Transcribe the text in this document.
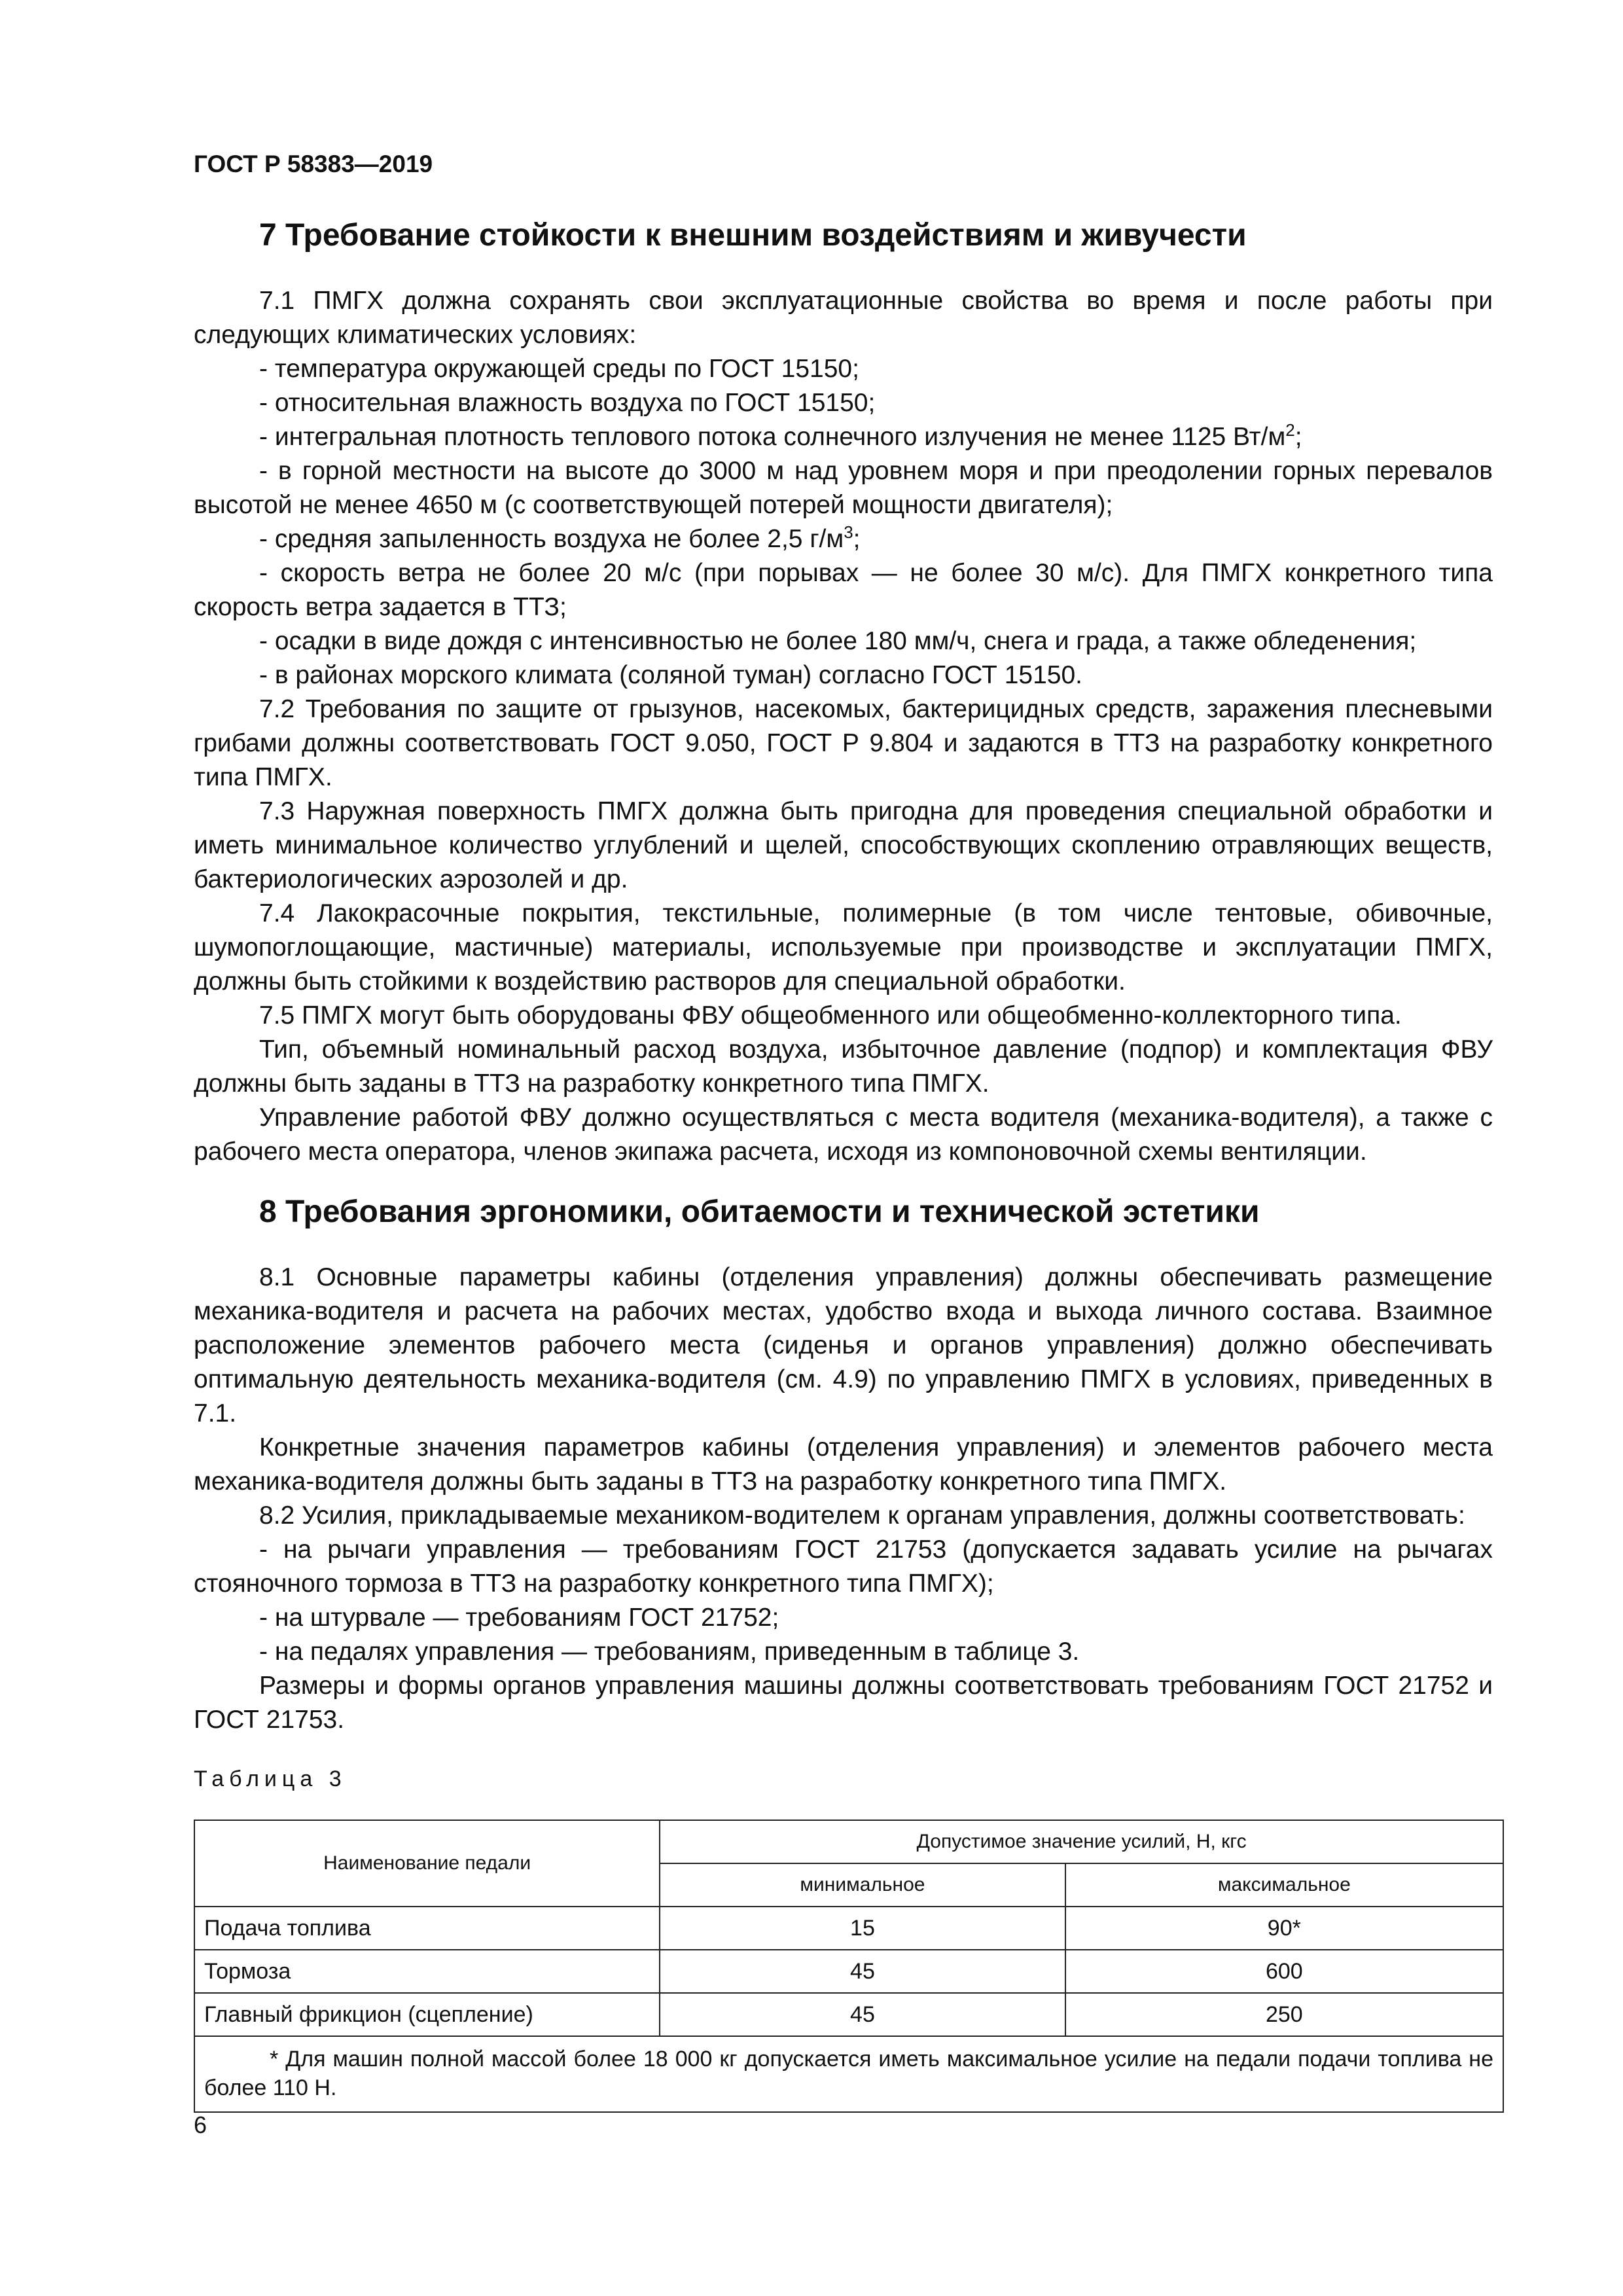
ГОСТ Р 58383—2019
7 Требование стойкости к внешним воздействиям и живучести

7.1 ПМГХ должна сохранять свои эксплуатационные свойства во время и после работы при следующих климатических условиях:

- температура окружающей среды по ГОСТ 15150;

- относительная влажность воздуха по ГОСТ 15150;

- интегральная плотность теплового потока солнечного излучения не менее 1125 $Вт/м^2$;

- в горной местности на высоте до 3000 м над уровнем моря и при преодолении горных перевалов высотой не менее 4650 м (с соответствующей потерей мощности двигателя);

- средняя запыленность воздуха не более 2,5 $г/м^3$;

- скорость ветра не более 20 м/с (при порывах — не более 30 м/с). Для ПМГХ конкретного типа скорость ветра задается в ТТЗ;

- осадки в виде дождя с интенсивностью не более 180 мм/ч, снега и града, а также обледенения;

- в районах морского климата (соляной туман) согласно ГОСТ 15150.

7.2 Требования по защите от грызунов, насекомых, бактерицидных средств, заражения плесневыми грибами должны соответствовать ГОСТ 9.050, ГОСТ Р 9.804 и задаются в ТТЗ на разработку конкретного типа ПМГХ.

7.3 Наружная поверхность ПМГХ должна быть пригодна для проведения специальной обработки и иметь минимальное количество углублений и щелей, способствующих скоплению отравляющих веществ, бактериологических аэрозолей и др.

7.4 Лакокрасочные покрытия, текстильные, полимерные (в том числе тентовые, обивочные, шумопоглощающие, мастичные) материалы, используемые при производстве и эксплуатации ПМГХ, должны быть стойкими к воздействию растворов для специальной обработки.

7.5 ПМГХ могут быть оборудованы ФВУ общеобменного или общеобменно-коллекторного типа.

Тип, объемный номинальный расход воздуха, избыточное давление (подпор) и комплектация ФВУ должны быть заданы в ТТЗ на разработку конкретного типа ПМГХ.

Управление работой ФВУ должно осуществляться с места водителя (механика-водителя), а также с рабочего места оператора, членов экипажа расчета, исходя из компоновочной схемы вентиляции.

8 Требования эргономики, обитаемости и технической эстетики

8.1 Основные параметры кабины (отделения управления) должны обеспечивать размещение механика-водителя и расчета на рабочих местах, удобство входа и выхода личного состава. Взаимное расположение элементов рабочего места (сиденья и органов управления) должно обеспечивать оптимальную деятельность механика-водителя (см. 4.9) по управлению ПМГХ в условиях, приведенных в 7.1.

Конкретные значения параметров кабины (отделения управления) и элементов рабочего места механика-водителя должны быть заданы в ТТЗ на разработку конкретного типа ПМГХ.

8.2 Усилия, прикладываемые механиком-водителем к органам управления, должны соответствовать:

- на рычаги управления — требованиям ГОСТ 21753 (допускается задавать усилие на рычагах стояночного тормоза в ТТЗ на разработку конкретного типа ПМГХ);

- на штурвале — требованиям ГОСТ 21752;

- на педалях управления — требованиям, приведенным в таблице 3.

Размеры и формы органов управления машины должны соответствовать требованиям ГОСТ 21752 и ГОСТ 21753.

Таблица 3
Наименование педали	Допустимое значение усилий, Н, кгс	
	минимальное	максимальное
Подача топлива	15	90*
Тормоза	45	600
Главный фрикцион (сцепление)	45	250
* Для машин полной массой более 18 000 кг допускается иметь максимальное усилие на педали подачи топлива не более 110 Н.		
6
